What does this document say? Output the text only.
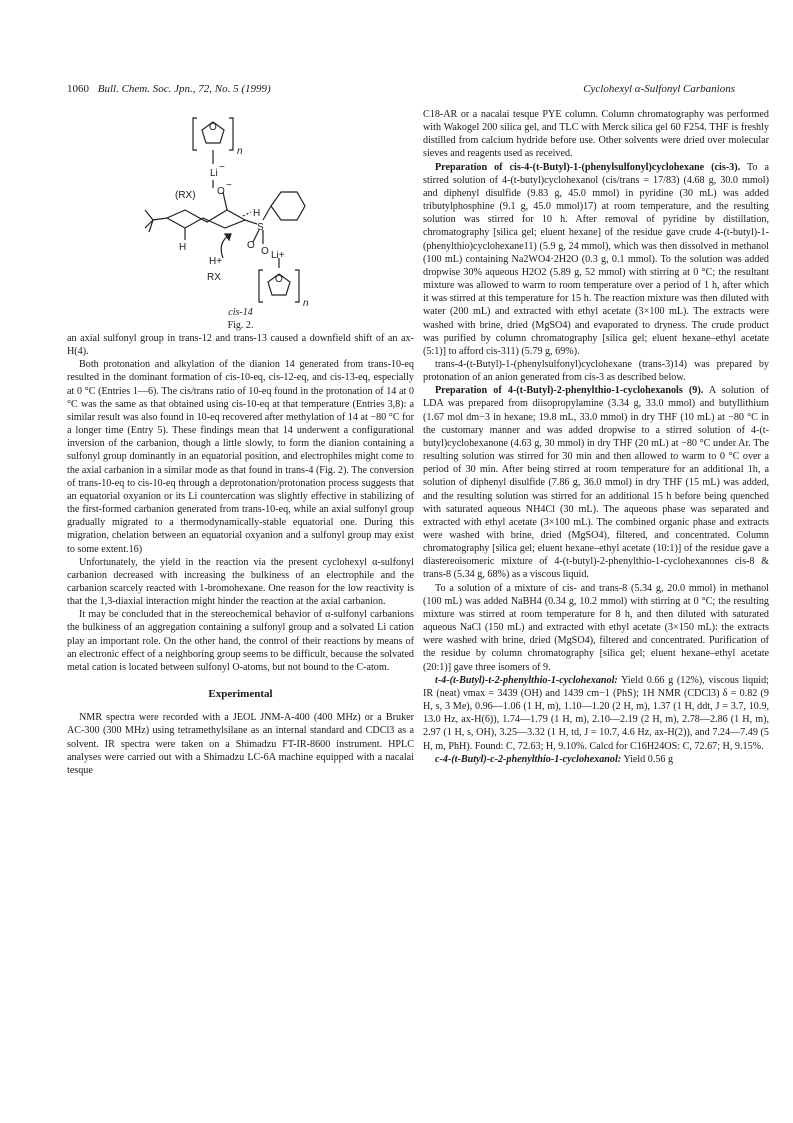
1060 Bull. Chem. Soc. Jpn., 72, No. 5 (1999)	Cyclohexyl α-Sulfonyl Carbanions
O
n
Li
−
(RX) O
−
H
S
O
O Li+
H
H+
RX	O
n
cis-14
Fig. 2.

an axial sulfonyl group in trans-12 and trans-13 caused a downfield shift of an ax-H(4).

Both protonation and alkylation of the dianion 14 generated from trans-10-eq resulted in the dominant formation of cis-10-eq, cis-12-eq, and cis-13-eq, especially at 0 °C (Entries 1—6). The cis/trans ratio of 10-eq found in the protonation of 14 at 0 °C was the same as that obtained using cis-10-eq at that temperature (Entries 3,8): a similar result was also found in 10-eq recovered after methylation of 14 at −80 °C for a longer time (Entry 5). These findings mean that 14 underwent a configurational inversion of the carbanion, though a little slowly, to form the dianion containing a sulfonyl group dominantly in an equatorial position, and electrophiles might come to the axial carbanion in a similar mode as that found in trans-4 (Fig. 2). The conversion of trans-10-eq to cis-10-eq through a deprotonation/protonation process suggests that an equatorial oxyanion or its Li countercation was slightly effective in stabilizing of the first-formed carbanion generated from trans-10-eq, while an axial sulfonyl group gradually migrated to a thermodynamically-stable equatorial one. During this migration, chelation between an equatorial oxyanion and a sulfonyl group may exist to some extent.16)

Unfortunately, the yield in the reaction via the present cyclohexyl α-sulfonyl carbanion decreased with increasing the bulkiness of an electrophile and the carbanion scarcely reacted with 1-bromohexane. One reason for the low reactivity is that the 1,3-diaxial interaction might hinder the reaction at the axial carbanion.

It may be concluded that in the stereochemical behavior of α-sulfonyl carbanions the bulkiness of an aggregation containing a sulfonyl group and a solvated Li cation play an important role. On the other hand, the control of their reactions by means of an electronic effect of a neighboring group seems to be difficult, because the solvated metal cation is located between sulfonyl O-atoms, but not bound to the C-atom.

Experimental

NMR spectra were recorded with a JEOL JNM-A-400 (400 MHz) or a Bruker AC-300 (300 MHz) using tetramethylsilane as an internal standard and CDCl3 as a solvent. IR spectra were taken on a Shimadzu FT-IR-8600 instrument. HPLC analyses were carried out with a Shimadzu LC-6A machine equipped with a nacalai tesque

C18-AR or a nacalai tesque PYE column. Column chromatography was performed with Wakogel 200 silica gel, and TLC with Merck silica gel 60 F254. THF is freshly distilled from calcium hydride before use. Other solvents were dried over molecular sieves and reagents used as received.

Preparation of cis-4-(t-Butyl)-1-(phenylsulfonyl)cyclohexane (cis-3). To a stirred solution of 4-(t-butyl)cyclohexanol (cis/trans = 17/83) (4.68 g, 30.0 mmol) and diphenyl disulfide (9.83 g, 45.0 mmol) in pyridine (30 mL) was added tributylphosphine (9.1 g, 45.0 mmol)17) at room temperature, and the resulting solution was stirred for 10 h. After removal of pyridine by distillation, chromatography [silica gel; eluent hexane] of the residue gave crude 4-(t-butyl)-1-(phenylthio)cyclohexane11) (5.9 g, 24 mmol), which was then dissolved in methanol (100 mL) containing Na2WO4·2H2O (0.3 g, 0.1 mmol). To the solution was added dropwise 30% aqueous H2O2 (5.89 g, 52 mmol) with stirring at 0 °C; the resultant mixture was allowed to warm to room temperature over a period of 1 h, after which it was stirred at this temperature for 15 h. The reaction mixture was then diluted with water (200 mL) and extracted with ethyl acetate (3×100 mL). The extracts were washed with brine, dried (MgSO4) and evaporated to dryness. The crude product was purified by column chromatography [silica gel; eluent hexane–ethyl acetate (5:1)] to afford cis-311) (5.79 g, 69%).

trans-4-(t-Butyl)-1-(phenylsulfonyl)cyclohexane (trans-3)14) was prepared by protonation of an anion generated from cis-3 as described below.

Preparation of 4-(t-Butyl)-2-phenylthio-1-cyclohexanols (9). A solution of LDA was prepared from diisopropylamine (3.34 g, 33.0 mmol) and butyllithium (1.67 mol dm−3 in hexane; 19.8 mL, 33.0 mmol) in dry THF (10 mL) at −80 °C in the customary manner and was added dropwise to a stirred solution of 4-(t-butyl)cyclohexanone (4.63 g, 30 mmol) in dry THF (20 mL) at −80 °C under Ar. The resulting solution was stirred for 30 min and then allowed to warm to 0 °C over a period of 30 min. After being stirred at room temperature for an additional 1h, a solution of diphenyl disulfide (7.86 g, 36.0 mmol) in dry THF (15 mL) was added, and the resulting solution was stirred for an additional 15 h before being quenched with saturated aqueous NH4Cl (30 mL). The aqueous phase was separated and extracted with ethyl acetate (3×100 mL). The combined organic phase and extracts were washed with brine, dried (MgSO4), filtered, and concentrated. Column chromatography [silica gel; eluent hexane–ethyl acetate (10:1)] of the residue gave a diastereoisomeric mixture of 4-(t-butyl)-2-phenylthio-1-cyclohexanones cis-8 & trans-8 (5.34 g, 68%) as a viscous liquid.

To a solution of a mixture of cis- and trans-8 (5.34 g, 20.0 mmol) in methanol (100 mL) was added NaBH4 (0.34 g, 10.2 mmol) with stirring at 0 °C; the resulting mixture was stirred at room temperature for 8 h, and then diluted with saturated aqueous NaCl (150 mL) and extracted with ethyl acetate (3×150 mL): the extracts were washed with brine, dried (MgSO4), filtered and concentrated. Purification of the residue by column chromatography [silica gel; eluent hexane–ethyl acetate (20:1)] gave three isomers of 9.

t-4-(t-Butyl)-t-2-phenylthio-1-cyclohexanol: Yield 0.66 g (12%), viscous liquid; IR (neat) νmax = 3439 (OH) and 1439 cm−1 (PhS); 1H NMR (CDCl3) δ = 0.82 (9 H, s, 3 Me), 0.96—1.06 (1 H, m), 1.10—1.20 (2 H, m), 1.37 (1 H, ddt, J = 3.7, 10.9, 13.0 Hz, ax-H(6)), 1.74—1.79 (1 H, m), 2.10—2.19 (2 H, m), 2.78—2.86 (1 H, m), 2.97 (1 H, s, OH), 3.25—3.32 (1 H, td, J = 10.7, 4.6 Hz, ax-H(2)), and 7.24—7.49 (5 H, m, PhH). Found: C, 72.63; H, 9.10%. Calcd for C16H24OS: C, 72.67; H, 9.15%.

c-4-(t-Butyl)-c-2-phenylthio-1-cyclohexanol: Yield 0.56 g
